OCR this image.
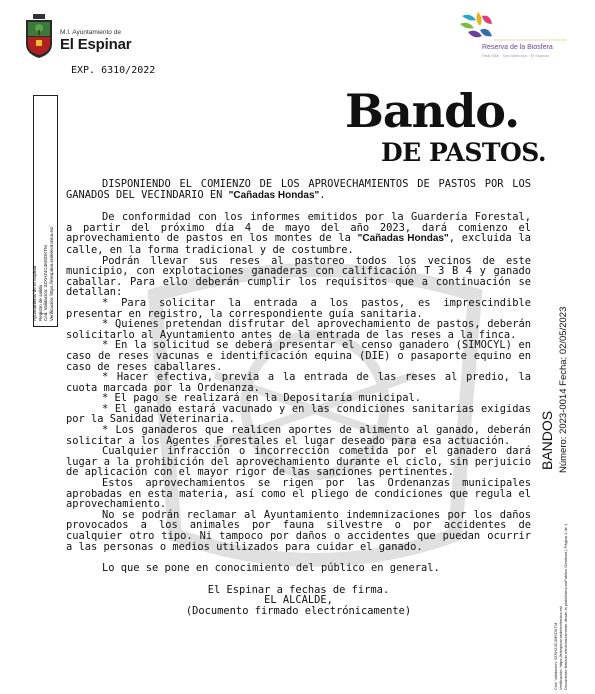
M.I. Ayuntamiento de
El Espinar
EXP. 6310/2022
Reserva de la Biosfera
Real Sitio · San Ildefonso · El Espinar
Bando.
DE PASTOS.
Ayuntamiento de El Espinar Registro de salida Cód. Validación: 3ZXHZ4C4MSDKTM Verificación: https://elespinar.sedelectronica.es/
BANDOS Número: 2023-0014 Fecha: 02/05/2023
Cód. Validación: 3ZXHZ4C4MSDKTM Verificación: https://elespinar.sedelectronica.es/ Documento firmado electrónicamente desde la plataforma esPublico Gestiona | Página 1 de 1

DISPONIENDO EL COMIENZO DE LOS APROVECHAMIENTOS DE PASTOS POR LOS GANADOS DEL VECINDARIO EN "Cañadas Hondas".

De conformidad con los informes emitidos por la Guardería Forestal, a partir del próximo día 4 de mayo del año 2023, dará comienzo el aprovechamiento de pastos en los montes de la "Cañadas Hondas", excluida la calle, en la forma tradicional y de costumbre.

Podrán llevar sus reses al pastoreo todos los vecinos de este municipio, con explotaciones ganaderas con calificación T 3 B 4 y ganado caballar. Para ello deberán cumplir los requisitos que a continuación se detallan:

* Para solicitar la entrada a los pastos, es imprescindible presentar en registro, la correspondiente guía sanitaria.

* Quienes pretendan disfrutar del aprovechamiento de pastos, deberán solicitarlo al Ayuntamiento antes de la entrada de las reses a la finca.

* En la solicitud se deberá presentar el censo ganadero (SIMOCYL) en caso de reses vacunas e identificación equina (DIE) o pasaporte equino en caso de reses caballares.

* Hacer efectiva, previa a la entrada de las reses al predio, la cuota marcada por la Ordenanza.

* El pago se realizará en la Depositaría municipal.

* El ganado estará vacunado y en las condiciones sanitarias exigidas por la Sanidad Veterinaria.

* Los ganaderos que realicen aportes de alimento al ganado, deberán solicitar a los Agentes Forestales el lugar deseado para esa actuación.

Cualquier infracción o incorrección cometida por el ganadero dará lugar a la prohibición del aprovechamiento durante el ciclo, sin perjuicio de aplicación con el mayor rigor de las sanciones pertinentes.

Estos aprovechamientos se rigen por las Ordenanzas municipales aprobadas en esta materia, así como el pliego de condiciones que regula el aprovechamiento.

No se podrán reclamar al Ayuntamiento indemnizaciones por los daños provocados a los animales por fauna silvestre o por accidentes de cualquier otro tipo. Ni tampoco por daños o accidentes que puedan ocurrir a las personas o medios utilizados para cuidar el ganado.

Lo que se pone en conocimiento del público en general.

El Espinar a fechas de firma.

EL ALCALDE,

(Documento firmado electrónicamente)
